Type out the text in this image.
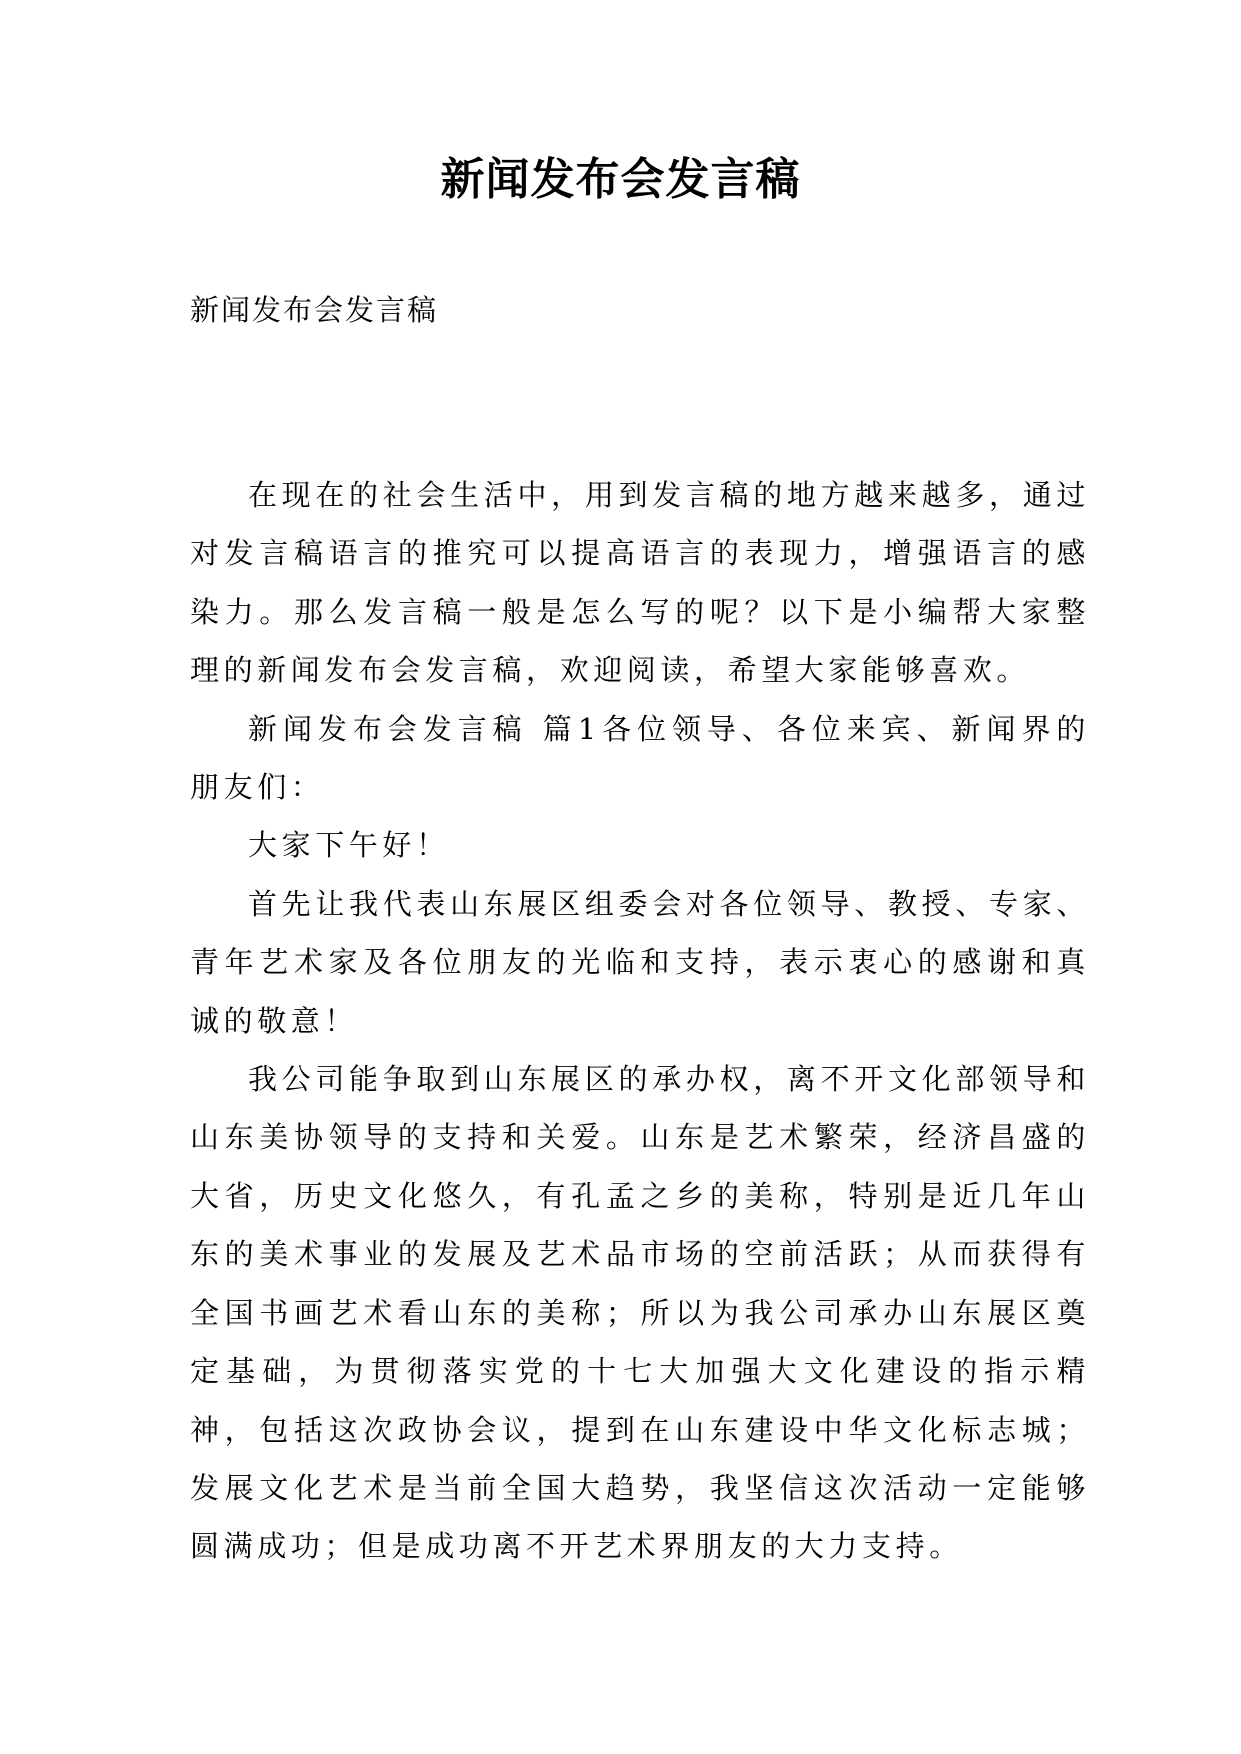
新闻发布会发言稿
新闻发布会发言稿

在现在的社会生活中，用到发言稿的地方越来越多，通过对发言稿语言的推究可以提高语言的表现力，增强语言的感染力。那么发言稿一般是怎么写的呢？以下是小编帮大家整理的新闻发布会发言稿，欢迎阅读，希望大家能够喜欢。

新闻发布会发言稿 篇1各位领导、各位来宾、新闻界的朋友们：

大家下午好！

首先让我代表山东展区组委会对各位领导、教授、专家、青年艺术家及各位朋友的光临和支持，表示衷心的感谢和真诚的敬意！

我公司能争取到山东展区的承办权，离不开文化部领导和山东美协领导的支持和关爱。山东是艺术繁荣，经济昌盛的大省，历史文化悠久，有孔孟之乡的美称，特别是近几年山东的美术事业的发展及艺术品市场的空前活跃；从而获得有全国书画艺术看山东的美称；所以为我公司承办山东展区奠定基础，为贯彻落实党的十七大加强大文化建设的指示精神，包括这次政协会议，提到在山东建设中华文化标志城；发展文化艺术是当前全国大趋势，我坚信这次活动一定能够圆满成功；但是成功离不开艺术界朋友的大力支持。
